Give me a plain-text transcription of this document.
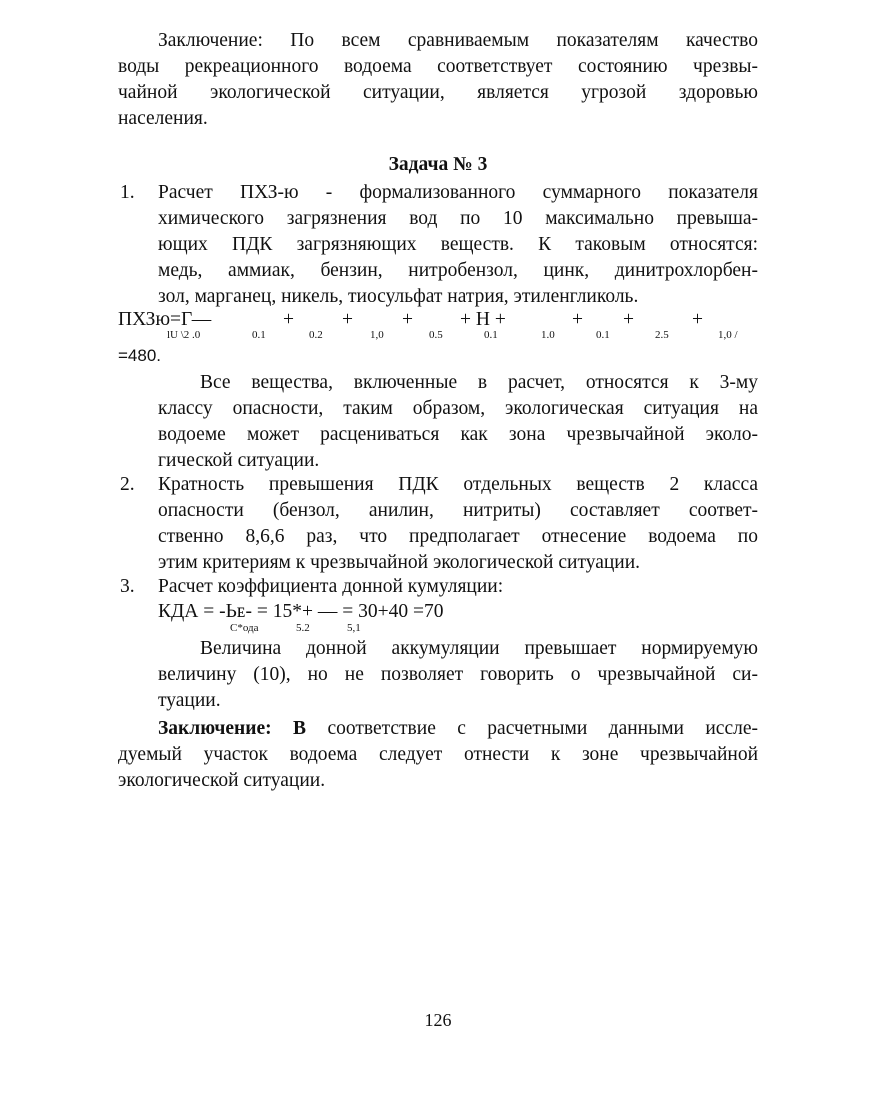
Заключение: По всем сравниваемым показателям качество
воды рекреационного водоема соответствует состоянию чрезвы-
чайной экологической ситуации, является угрозой здоровью
населения.
Задача № 3
1. Расчет ПХЗ-ю - формализованного суммарного показателя
химического загрязнения вод по 10 максимально превыша-
ющих ПДК загрязняющих веществ. К таковым относятся:
медь, аммиак, бензин, нитробензол, цинк, динитрохлорбен-
зол, марганец, никель, тиосульфат натрия, этиленгликоль.
ПХЗю=Г—	+ +	+ + Н +	+ +	+
lU \2 .0	0.1	0.2	1,0	0.5	0.1	1.0	0.1	2.5	1,0 /
=480.
Все вещества, включенные в расчет, относятся к 3-му
классу опасности, таким образом, экологическая ситуация на
водоеме может расцениваться как зона чрезвычайной эколо-
гической ситуации.
2. Кратность превышения ПДК отдельных веществ 2 класса
опасности (бензол, анилин, нитриты) составляет соответ-
ственно 8,6,6 раз, что предполагает отнесение водоема по
этим критериям к чрезвычайной экологической ситуации.
3. Расчет коэффициента донной кумуляции:
КДА = -Ьᴇ- = 15*+ — = 30+40 =70
С*ода	5.2	5,1
Величина донной аккумуляции превышает нормируемую
величину (10), но не позволяет говорить о чрезвычайной си-
туации.
Заключение: В соответствие с расчетными данными иссле-
дуемый участок водоема следует отнести к зоне чрезвычайной
экологической ситуации.
126
